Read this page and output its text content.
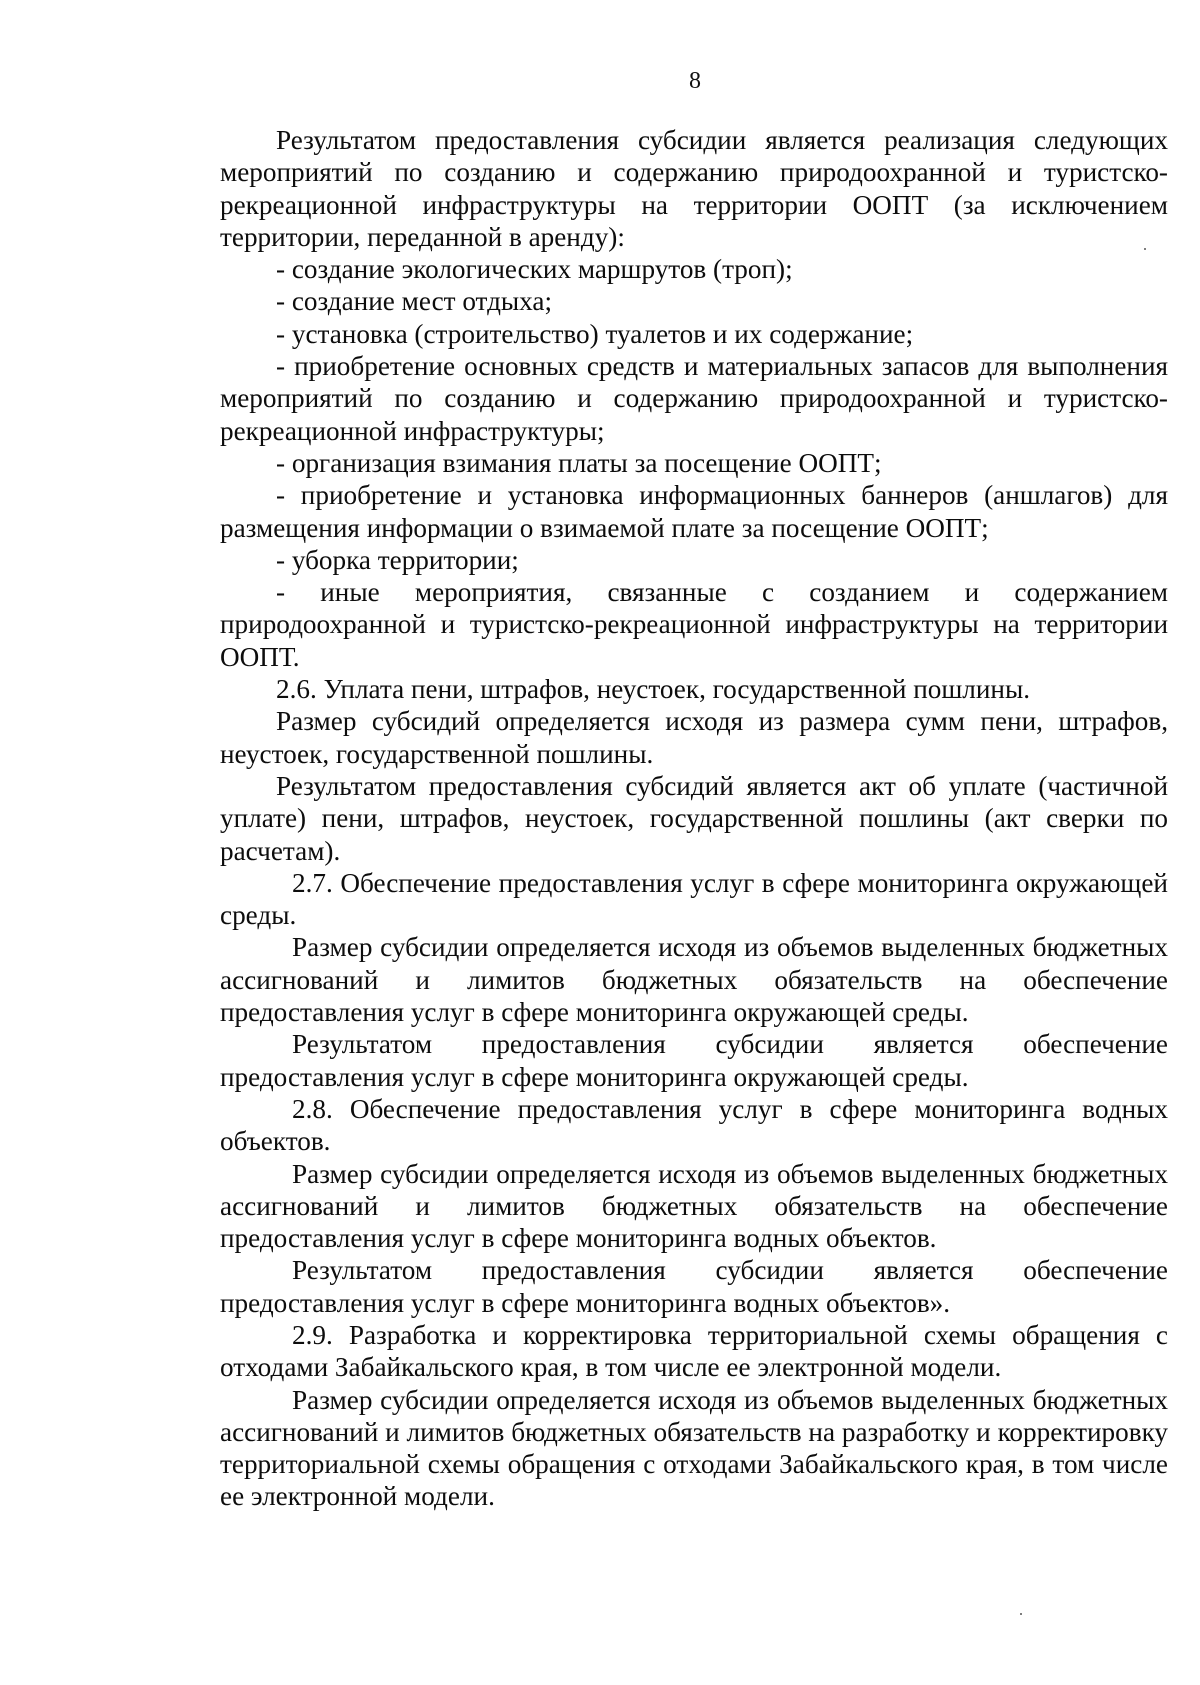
8

Результатом предоставления субсидии является реализация следующих мероприятий по созданию и содержанию природоохранной и туристско-рекреационной инфраструктуры на территории ООПТ (за исключением территории, переданной в аренду):

- создание экологических маршрутов (троп);

- создание мест отдыха;

- установка (строительство) туалетов и их содержание;

- приобретение основных средств и материальных запасов для выполнения мероприятий по созданию и содержанию природоохранной и туристско-рекреационной инфраструктуры;

- организация взимания платы за посещение ООПТ;

- приобретение и установка информационных баннеров (аншлагов) для размещения информации о взимаемой плате за посещение ООПТ;

- уборка территории;

- иные мероприятия, связанные с созданием и содержанием природоохранной и туристско-рекреационной инфраструктуры на территории ООПТ.

2.6. Уплата пени, штрафов, неустоек, государственной пошлины.

Размер субсидий определяется исходя из размера сумм пени, штрафов, неустоек, государственной пошлины.

Результатом предоставления субсидий является акт об уплате (частичной уплате) пени, штрафов, неустоек, государственной пошлины (акт сверки по расчетам).

2.7. Обеспечение предоставления услуг в сфере мониторинга окружающей среды.

Размер субсидии определяется исходя из объемов выделенных бюджетных ассигнований и лимитов бюджетных обязательств на обеспечение предоставления услуг в сфере мониторинга окружающей среды.

Результатом предоставления субсидии является обеспечение предоставления услуг в сфере мониторинга окружающей среды.

2.8. Обеспечение предоставления услуг в сфере мониторинга водных объектов.

Размер субсидии определяется исходя из объемов выделенных бюджетных ассигнований и лимитов бюджетных обязательств на обеспечение предоставления услуг в сфере мониторинга водных объектов.

Результатом предоставления субсидии является обеспечение предоставления услуг в сфере мониторинга водных объектов».

2.9. Разработка и корректировка территориальной схемы обращения с отходами Забайкальского края, в том числе ее электронной модели.

Размер субсидии определяется исходя из объемов выделенных бюджетных ассигнований и лимитов бюджетных обязательств на разработку и корректировку территориальной схемы обращения с отходами Забайкальского края, в том числе ее электронной модели.
